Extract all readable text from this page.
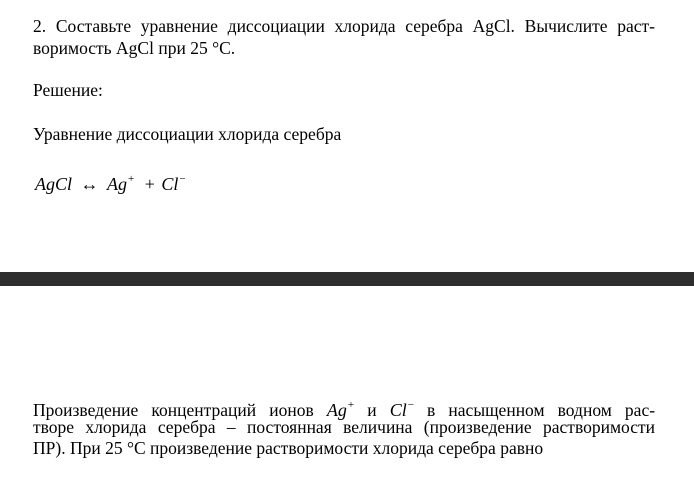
2. Составьте уравнение диссоциации хлорида серебра AgCl. Вычислите раст-
воримость AgCl при 25 °С.
Решение:
Уравнение диссоциации хлорида серебра
AgCl ↔ Ag+ + Cl−
Произведение концентраций ионов Ag+ и Cl− в насыщенном водном рас-
творе хлорида серебра – постоянная величина (произведение растворимости
ПР). При 25 °С произведение растворимости хлорида серебра равно
